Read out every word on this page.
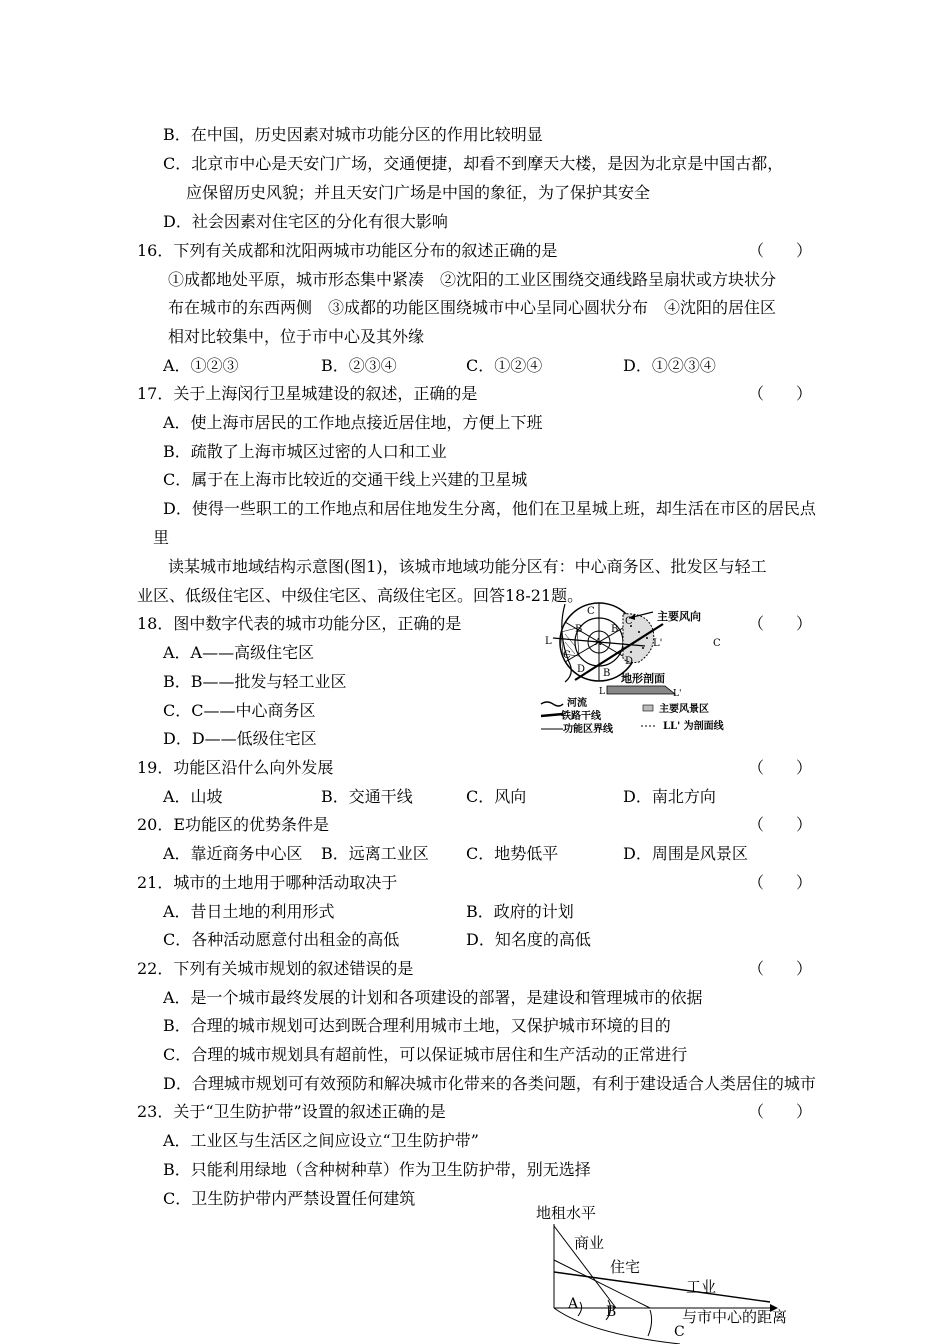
B．在中国，历史因素对城市功能分区的作用比较明显
C．北京市中心是天安门广场，交通便捷，却看不到摩天大楼，是因为北京是中国古都，
应保留历史风貌；并且天安门广场是中国的象征，为了保护其安全
D．社会因素对住宅区的分化有很大影响
16．下列有关成都和沈阳两城市功能区分布的叙述正确的是	（　　）
①成都地处平原，城市形态集中紧凑　②沈阳的工业区围绕交通线路呈扇状或方块状分
布在城市的东西两侧　③成都的功能区围绕城市中心呈同心圆状分布　④沈阳的居住区
相对比较集中，位于市中心及其外缘
A．①②③	B．②③④	C．①②④	D．①②③④
17．关于上海闵行卫星城建设的叙述，正确的是	（　　）
A．使上海市居民的工作地点接近居住地，方便上下班
B．疏散了上海市城区过密的人口和工业
C．属于在上海市比较近的交通干线上兴建的卫星城
D．使得一些职工的工作地点和居住地发生分离，他们在卫星城上班，却生活在市区的居民点
里
读某城市地域结构示意图(图1)，该城市地域功能分区有：中心商务区、批发区与轻工
业区、低级住宅区、中级住宅区、高级住宅区。回答18-21题。
18．图中数字代表的城市功能分区，正确的是	（　　）
A．A——高级住宅区
B．B——批发与轻工业区
C．C——中心商务区
D．D——低级住宅区
C
B
A
B
C
C
D B
D
L	L'	C
主要风向
地形剖面
L	L'
河流
铁路干线
功能区界线
主要风景区
LL' 为剖面线
19．功能区沿什么向外发展	（　　）
A．山坡	B．交通干线	C．风向	D．南北方向
20．E功能区的优势条件是	（　　）
A．靠近商务中心区 B．远离工业区 C．地势低平	D．周围是风景区
21．城市的土地用于哪种活动取决于	（　　）
A．昔日土地的利用形式	B．政府的计划
C．各种活动愿意付出租金的高低	D．知名度的高低
22．下列有关城市规划的叙述错误的是	（　　）
A．是一个城市最终发展的计划和各项建设的部署，是建设和管理城市的依据
B．合理的城市规划可达到既合理利用城市土地，又保护城市环境的目的
C．合理的城市规划具有超前性，可以保证城市居住和生产活动的正常进行
D．合理城市规划可有效预防和解决城市化带来的各类问题，有利于建设适合人类居住的城市
23．关于“卫生防护带”设置的叙述正确的是	（　　）
A．工业区与生活区之间应设立“卫生防护带”
B．只能利用绿地（含种树种草）作为卫生防护带，别无选择
C．卫生防护带内严禁设置任何建筑
地租水平
商业
住宅
工业
A B
C
与市中心的距离
